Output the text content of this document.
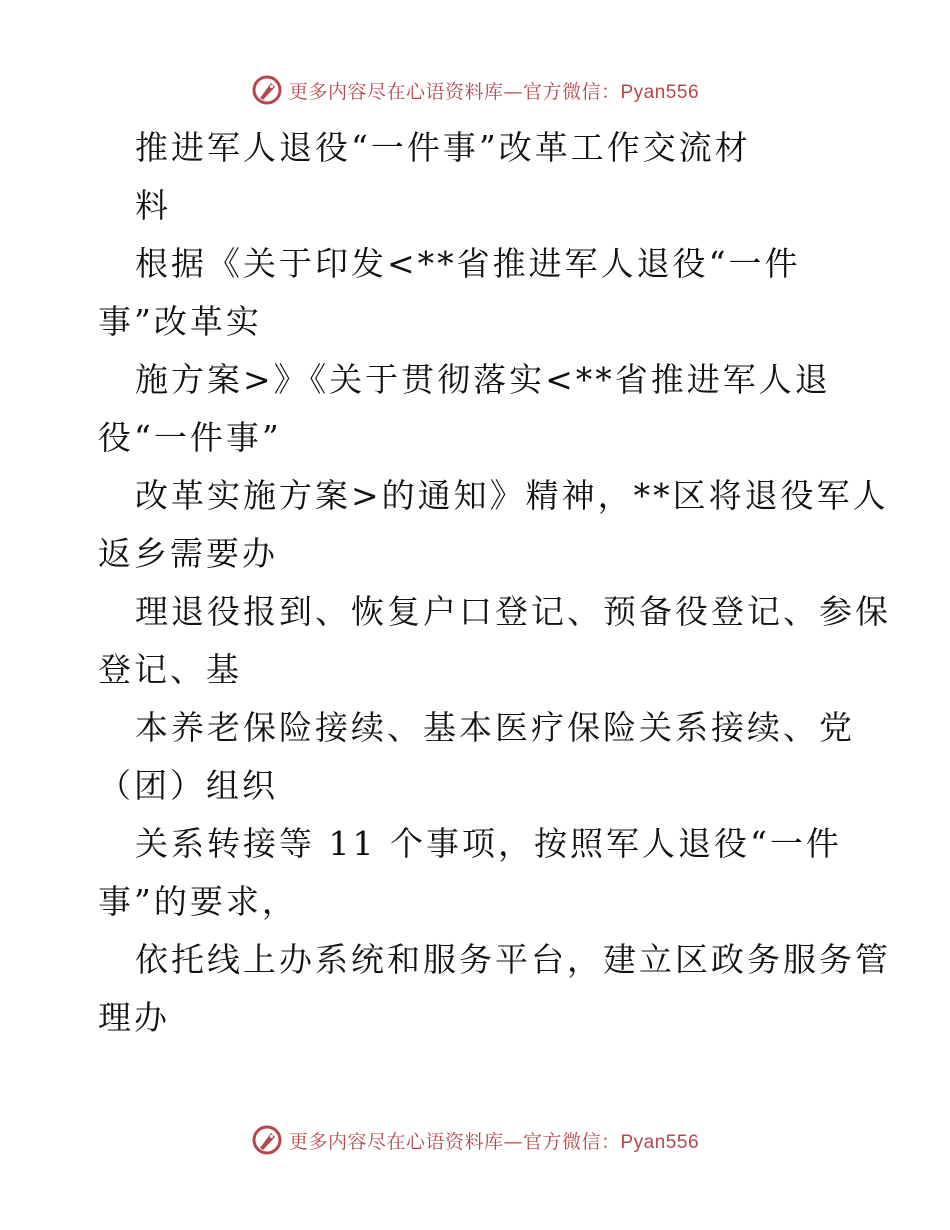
更多内容尽在心语资料库—官方微信：Pyan556
推进军人退役“一件事”改革工作交流材
料
根据《关于印发<**省推进军人退役“一件
事”改革实
施方案>》《关于贯彻落实<**省推进军人退
役“一件事”
改革实施方案>的通知》精神，**区将退役军人
返乡需要办
理退役报到、恢复户口登记、预备役登记、参保
登记、基
本养老保险接续、基本医疗保险关系接续、党
（团）组织
关系转接等 11 个事项，按照军人退役“一件
事”的要求，
依托线上办系统和服务平台，建立区政务服务管
理办
更多内容尽在心语资料库—官方微信：Pyan556
